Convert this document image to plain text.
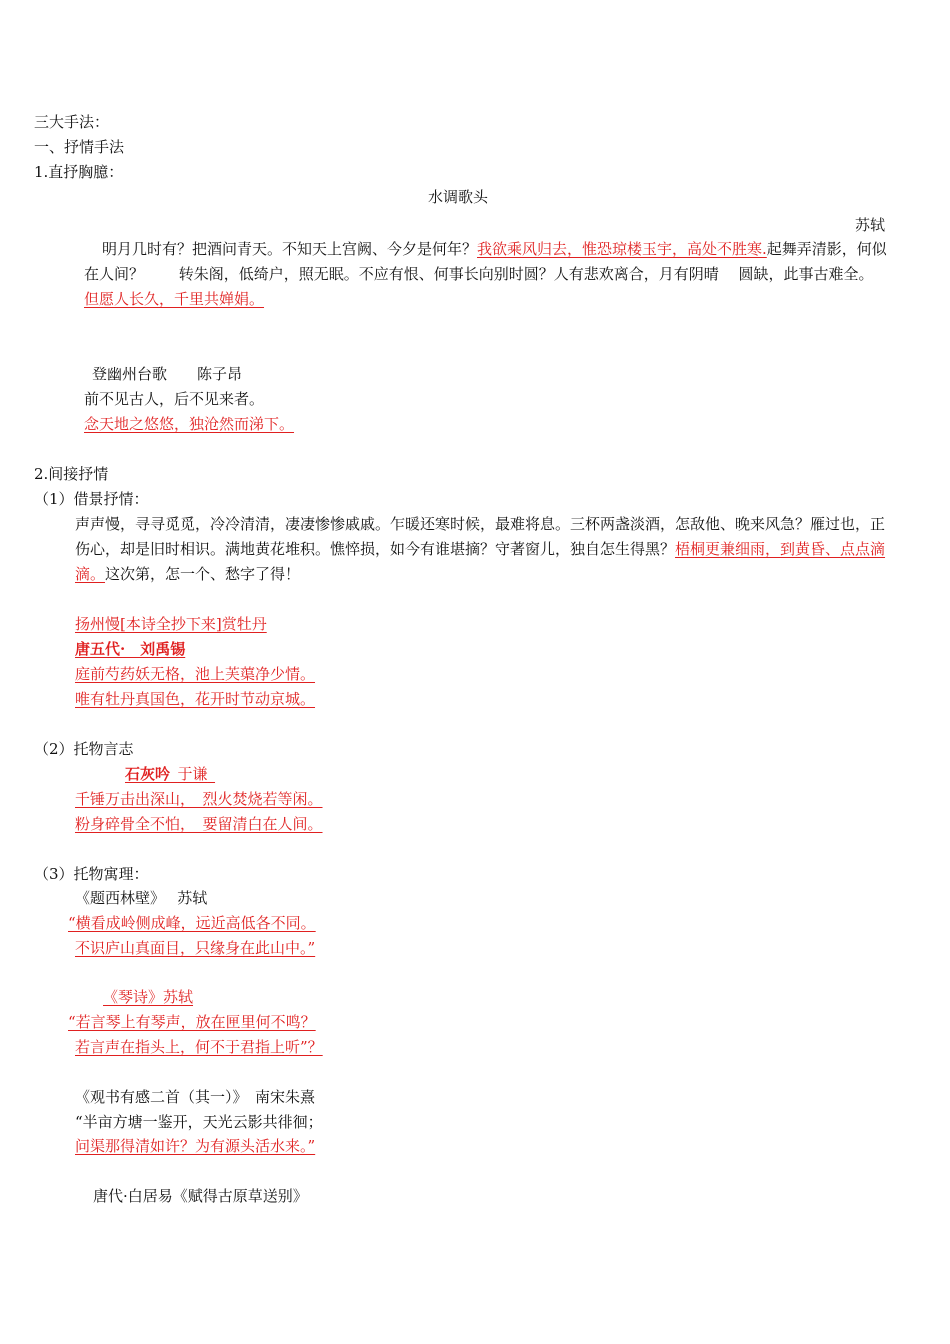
三大手法：
一、抒情手法
1.直抒胸臆：
水调歌头
苏轼
明月几时有？把酒问青天。不知天上宫阙、今夕是何年？我欲乘风归去，惟恐琼楼玉宇，高处不胜寒.起舞弄清影，何似在人间？　　 转朱阁，低绮户，照无眠。不应有恨、何事长向别时圆？人有悲欢离合，月有阴晴　 圆缺，此事古难全。但愿人长久，千里共婵娟。
登幽州台歌　　陈子昂
前不见古人，后不见来者。
念天地之悠悠，独沧然而涕下。
2.间接抒情
（1）借景抒情：
声声慢，寻寻觅觅，冷冷清清，凄凄惨惨戚戚。乍暖还寒时候，最难将息。三杯两盏淡酒，怎敌他、晚来风急？雁过也，正伤心，却是旧时相识。满地黄花堆积。憔悴损，如今有谁堪摘？守著窗儿，独自怎生得黑？梧桐更兼细雨，到黄昏、点点滴滴。这次第，怎一个、愁字了得！
扬州慢[本诗全抄下来]赏牡丹
唐五代·　刘禹锡
庭前芍药妖无格，池上芙蕖净少情。
唯有牡丹真国色，花开时节动京城。
（2）托物言志
石灰吟  于谦 
千锤万击出深山，　烈火焚烧若等闲。
粉身碎骨全不怕，　要留清白在人间。
（3）托物寓理：
《题西林壁》　 苏轼
“横看成岭侧成峰，远近高低各不同。
不识庐山真面目，只缘身在此山中。”
《琴诗》苏轼
“若言琴上有琴声，放在匣里何不鸣？
若言声在指头上，何不于君指上听”？
《观书有感二首（其一）》　南宋朱熹
“半亩方塘一鉴开，天光云影共徘徊；
问渠那得清如许？为有源头活水来。”
唐代·白居易《赋得古原草送别》
